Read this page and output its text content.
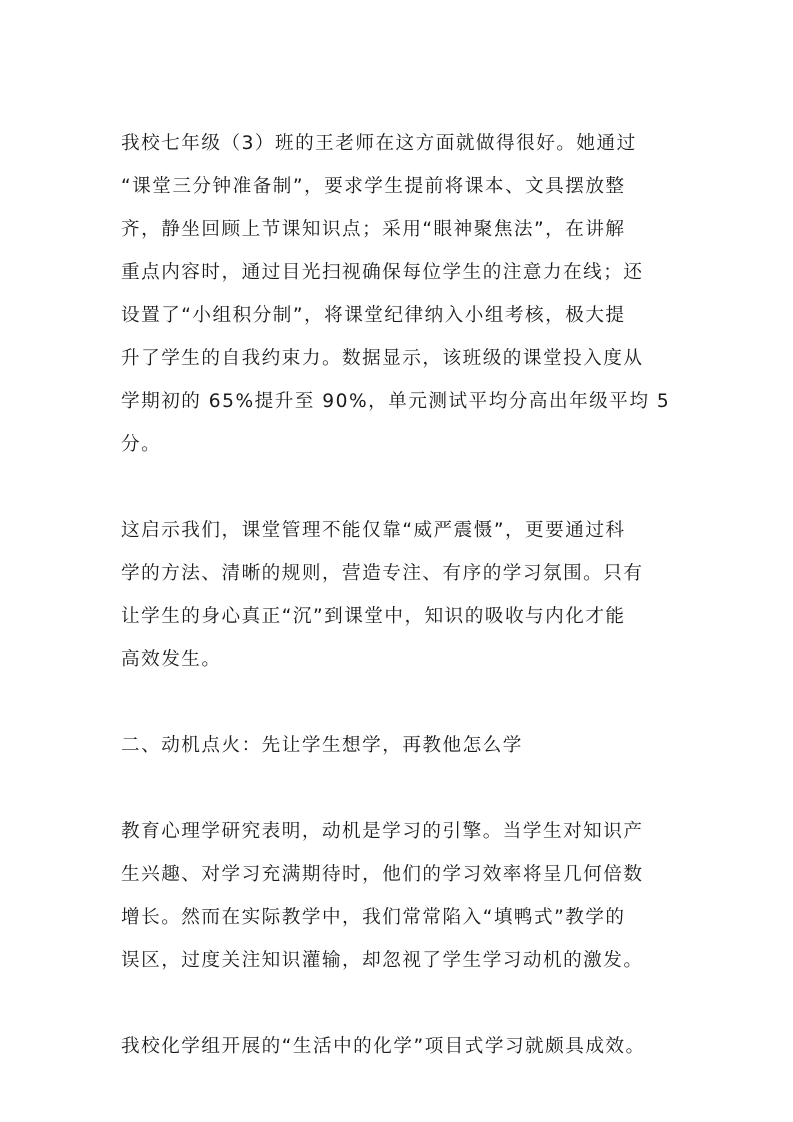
我校七年级（3）班的王老师在这方面就做得很好。她通过
“课堂三分钟准备制”，要求学生提前将课本、文具摆放整
齐，静坐回顾上节课知识点；采用“眼神聚焦法”，在讲解
重点内容时，通过目光扫视确保每位学生的注意力在线；还
设置了“小组积分制”，将课堂纪律纳入小组考核，极大提
升了学生的自我约束力。数据显示，该班级的课堂投入度从
学期初的 65%提升至 90%，单元测试平均分高出年级平均 5
分。
这启示我们，课堂管理不能仅靠“威严震慑”，更要通过科
学的方法、清晰的规则，营造专注、有序的学习氛围。只有
让学生的身心真正“沉”到课堂中，知识的吸收与内化才能
高效发生。
二、动机点火：先让学生想学，再教他怎么学
教育心理学研究表明，动机是学习的引擎。当学生对知识产
生兴趣、对学习充满期待时，他们的学习效率将呈几何倍数
增长。然而在实际教学中，我们常常陷入“填鸭式”教学的
误区，过度关注知识灌输，却忽视了学生学习动机的激发。
我校化学组开展的“生活中的化学”项目式学习就颇具成效。
